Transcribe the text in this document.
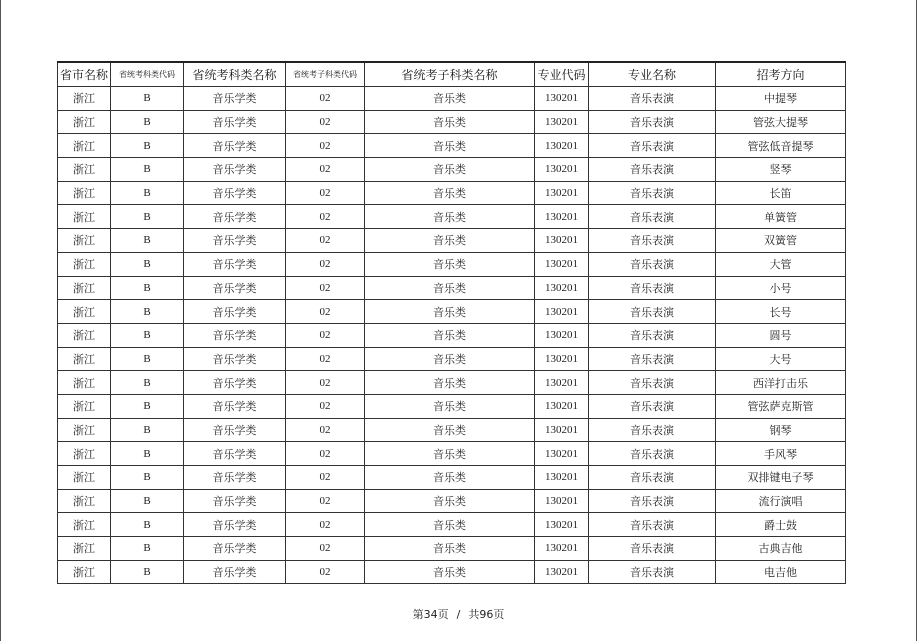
省市名称	省统考科类代码	省统考科类名称	省统考子科类代码	省统考子科类名称	专业代码	专业名称	招考方向
浙江	B	音乐学类	02	音乐类	130201	音乐表演	中提琴
浙江	B	音乐学类	02	音乐类	130201	音乐表演	管弦大提琴
浙江	B	音乐学类	02	音乐类	130201	音乐表演	管弦低音提琴
浙江	B	音乐学类	02	音乐类	130201	音乐表演	竖琴
浙江	B	音乐学类	02	音乐类	130201	音乐表演	长笛
浙江	B	音乐学类	02	音乐类	130201	音乐表演	单簧管
浙江	B	音乐学类	02	音乐类	130201	音乐表演	双簧管
浙江	B	音乐学类	02	音乐类	130201	音乐表演	大管
浙江	B	音乐学类	02	音乐类	130201	音乐表演	小号
浙江	B	音乐学类	02	音乐类	130201	音乐表演	长号
浙江	B	音乐学类	02	音乐类	130201	音乐表演	圆号
浙江	B	音乐学类	02	音乐类	130201	音乐表演	大号
浙江	B	音乐学类	02	音乐类	130201	音乐表演	西洋打击乐
浙江	B	音乐学类	02	音乐类	130201	音乐表演	管弦萨克斯管
浙江	B	音乐学类	02	音乐类	130201	音乐表演	钢琴
浙江	B	音乐学类	02	音乐类	130201	音乐表演	手风琴
浙江	B	音乐学类	02	音乐类	130201	音乐表演	双排键电子琴
浙江	B	音乐学类	02	音乐类	130201	音乐表演	流行演唱
浙江	B	音乐学类	02	音乐类	130201	音乐表演	爵士鼓
浙江	B	音乐学类	02	音乐类	130201	音乐表演	古典吉他
浙江	B	音乐学类	02	音乐类	130201	音乐表演	电吉他
第34页 / 共96页
